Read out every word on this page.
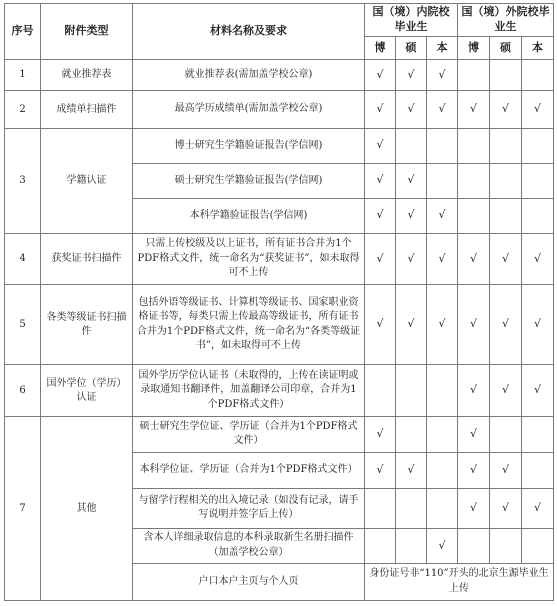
序号	附件类型	材料名称及要求	国（境）内院校毕业生			国（境）外院校毕业生		
			博	硕	本	博	硕	本
1	就业推荐表	就业推荐表(需加盖学校公章)	√	√	√			
2	成绩单扫描件	最高学历成绩单(需加盖学校公章)	√	√	√	√	√	√
3	学籍认证	博士研究生学籍验证报告(学信网)	√					
		硕士研究生学籍验证报告(学信网)	√	√				
		本科学籍验证报告(学信网)	√	√	√			
4	获奖证书扫描件	只需上传校级及以上证书，所有证书合并为1个PDF格式文件，统一命名为“获奖证书”，如未取得可不上传	√	√	√	√	√	√
5	各类等级证书扫描件	包括外语等级证书、计算机等级证书、国家职业资格证书等，每类只需上传最高等级证书，所有证书合并为1个PDF格式文件，统一命名为“各类等级证书”，如未取得可不上传	√	√	√	√	√	√
6	国外学位（学历）认证	国外学历学位认证书（未取得的，上传在读证明或录取通知书翻译件，加盖翻译公司印章，合并为1个PDF格式文件）				√	√	√
7	其他	硕士研究生学位证、学历证（合并为1个PDF格式文件）	√			√		
		本科学位证、学历证（合并为1个PDF格式文件）	√	√		√	√	
		与留学行程相关的出入境记录（如没有记录，请手写说明并签字后上传）				√	√	√
		含本人详细录取信息的本科录取新生名册扫描件（加盖学校公章）			√			
		户口本户主页与个人页	身份证号非“110”开头的北京生源毕业生上传					
